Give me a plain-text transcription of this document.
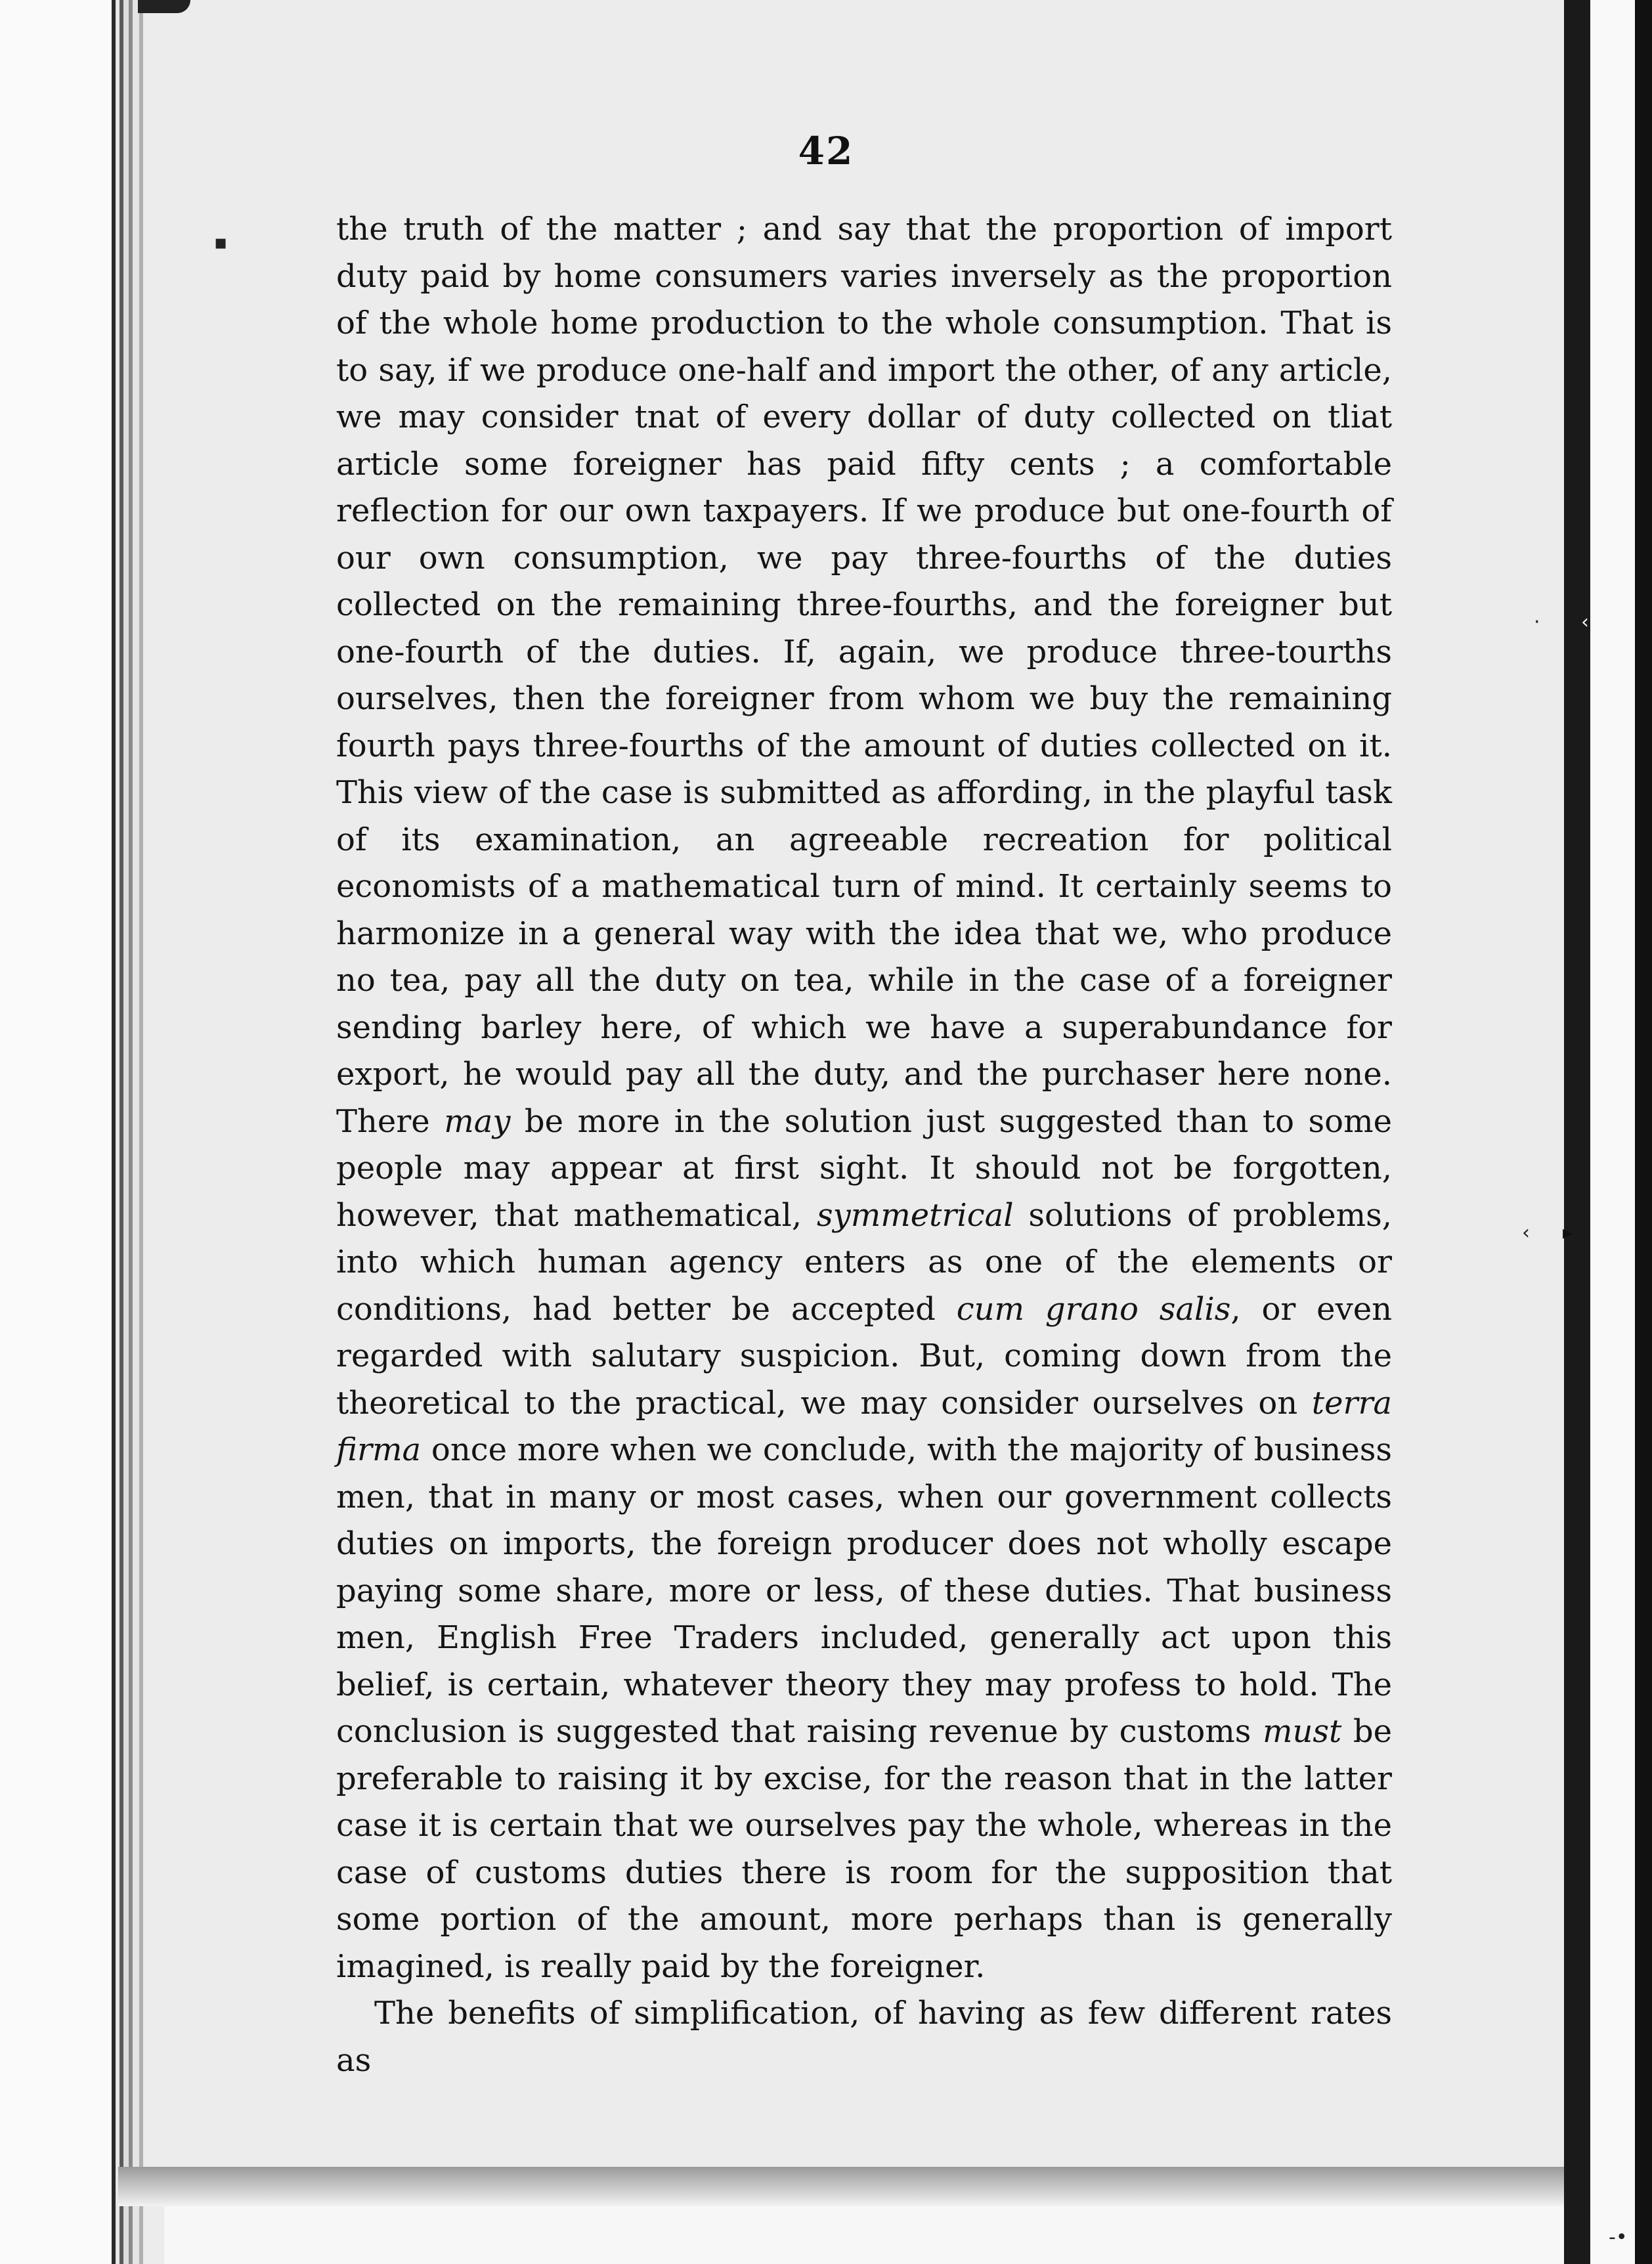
▪
· ‹
‹ ▸
-•
42

the truth of the matter ; and say that the proportion of import duty paid by home consumers varies inversely as the proportion of the whole home production to the whole consumption. That is to say, if we produce one-half and import the other, of any article, we may consider tnat of every dollar of duty collected on tliat article some foreigner has paid fifty cents ; a comfortable reflection for our own taxpayers. If we produce but one-fourth of our own consumption, we pay three-fourths of the duties collected on the remaining three-fourths, and the foreigner but one-fourth of the duties. If, again, we produce three-tourths ourselves, then the foreigner from whom we buy the remaining fourth pays three-fourths of the amount of duties collected on it. This view of the case is submitted as affording, in the playful task of its examination, an agreeable recreation for political economists of a mathematical turn of mind. It certainly seems to harmonize in a general way with the idea that we, who produce no tea, pay all the duty on tea, while in the case of a foreigner sending barley here, of which we have a superabundance for export, he would pay all the duty, and the purchaser here none. There may be more in the solution just suggested than to some people may appear at first sight. It should not be forgotten, however, that mathematical, symmetrical solutions of problems, into which human agency enters as one of the elements or conditions, had better be accepted cum grano salis, or even regarded with salutary suspicion. But, coming down from the theoretical to the practical, we may consider ourselves on terra firma once more when we conclude, with the majority of business men, that in many or most cases, when our government collects duties on imports, the foreign producer does not wholly escape paying some share, more or less, of these duties. That business men, English Free Traders included, generally act upon this belief, is certain, whatever theory they may profess to hold. The conclusion is suggested that raising revenue by customs must be preferable to raising it by excise, for the reason that in the latter case it is certain that we ourselves pay the whole, whereas in the case of customs duties there is room for the supposition that some portion of the amount, more perhaps than is generally imagined, is really paid by the foreigner.

The benefits of simplification, of having as few different rates as
